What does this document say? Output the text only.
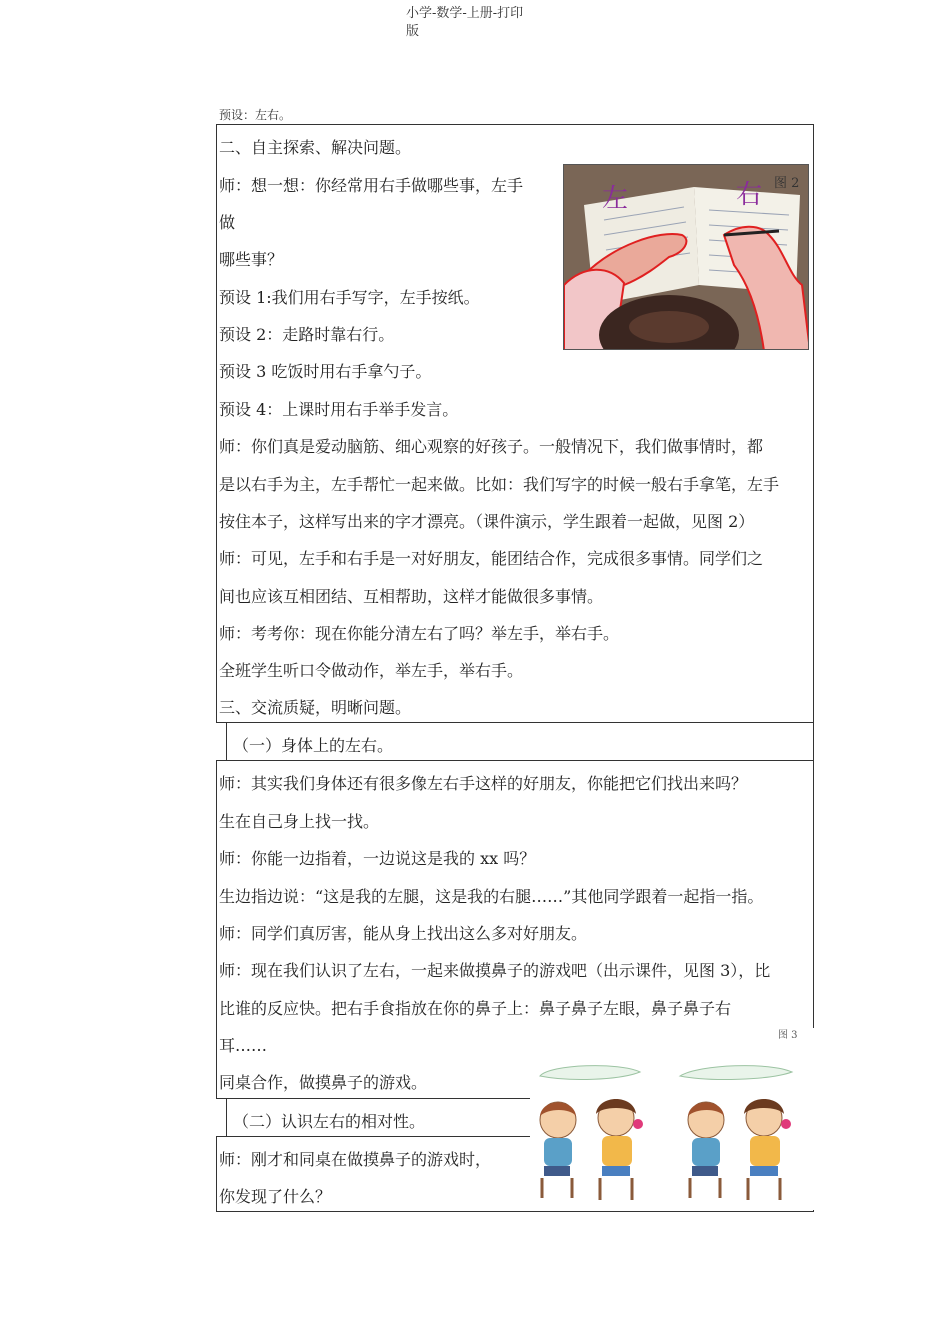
小学-数学-上册-打印
版
预设：左右。
二、自主探索、解决问题。
师：想一想：你经常用右手做哪些事，左手
做
哪些事？
预设 1:我们用右手写字，左手按纸。
预设 2：走路时靠右行。
预设 3 吃饭时用右手拿勺子。
预设 4：上课时用右手举手发言。
师：你们真是爱动脑筋、细心观察的好孩子。一般情况下，我们做事情时，都
是以右手为主，左手帮忙一起来做。比如：我们写字的时候一般右手拿笔，左手
按住本子，这样写出来的字才漂亮。（课件演示，学生跟着一起做，见图 2）
师：可见，左手和右手是一对好朋友，能团结合作，完成很多事情。同学们之
间也应该互相团结、互相帮助，这样才能做很多事情。
师：考考你：现在你能分清左右了吗？举左手，举右手。
全班学生听口令做动作，举左手，举右手。
三、交流质疑，明晰问题。
左	右 图 2
（一）身体上的左右。
师：其实我们身体还有很多像左右手这样的好朋友，你能把它们找出来吗？
生在自己身上找一找。
师：你能一边指着，一边说这是我的 xx 吗？
生边指边说：“这是我的左腿，这是我的右腿……”其他同学跟着一起指一指。
师：同学们真厉害，能从身上找出这么多对好朋友。
师：现在我们认识了左右，一起来做摸鼻子的游戏吧（出示课件，见图 3），比
比谁的反应快。把右手食指放在你的鼻子上：鼻子鼻子左眼，鼻子鼻子右
耳……
同桌合作，做摸鼻子的游戏。
（二）认识左右的相对性。
师：刚才和同桌在做摸鼻子的游戏时，
你发现了什么？
图 3
